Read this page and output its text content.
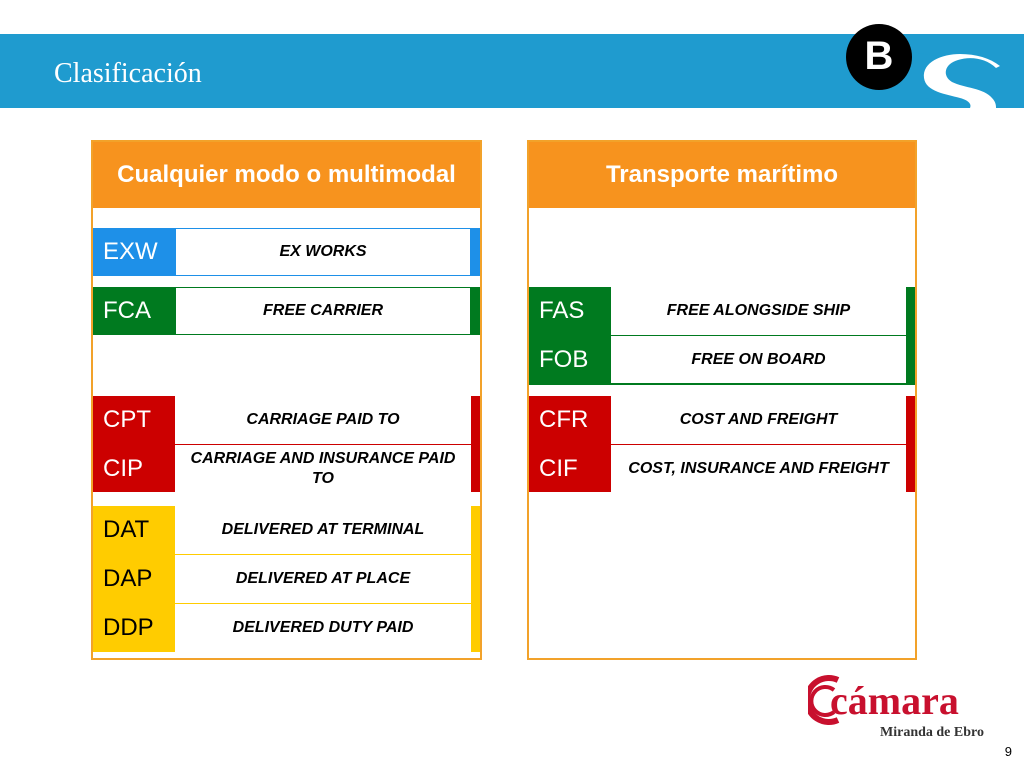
Clasificación	B
Cualquier modo o multimodal
EXW	EX WORKS
FCA	FREE CARRIER
CPT	CARRIAGE PAID TO
CIP	CARRIAGE AND INSURANCE PAID TO
DAT	DELIVERED AT TERMINAL
DAP	DELIVERED AT PLACE
DDP	DELIVERED DUTY PAID
Transporte marítimo
FAS	FREE ALONGSIDE SHIP
FOB	FREE ON BOARD
CFR	COST AND FREIGHT
CIF	COST, INSURANCE AND FREIGHT
cámara
Miranda de Ebro
9
